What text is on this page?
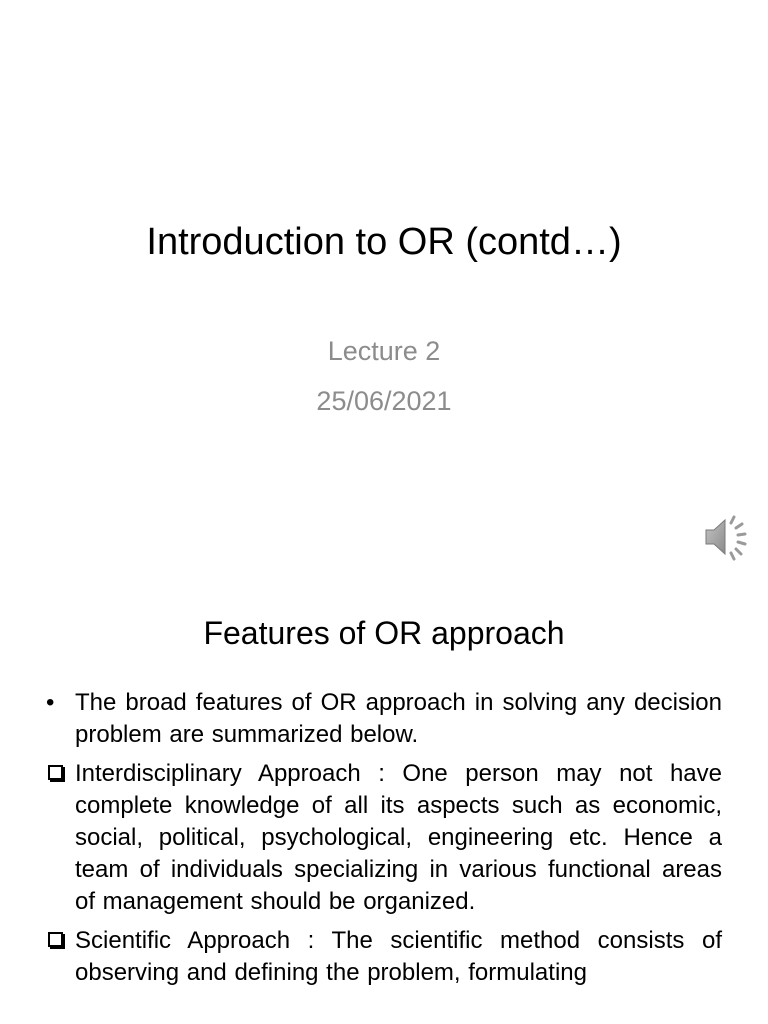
Introduction to OR (contd…)
Lecture 2
25/06/2021
Features of OR approach
• The broad features of OR approach in solving any decision problem are summarized below.
Interdisciplinary Approach : One person may not have complete knowledge of all its aspects such as economic, social, political, psychological, engineering etc. Hence a team of individuals specializing in various functional areas of management should be organized.
Scientific Approach : The scientific method consists of observing and defining the problem, formulating
